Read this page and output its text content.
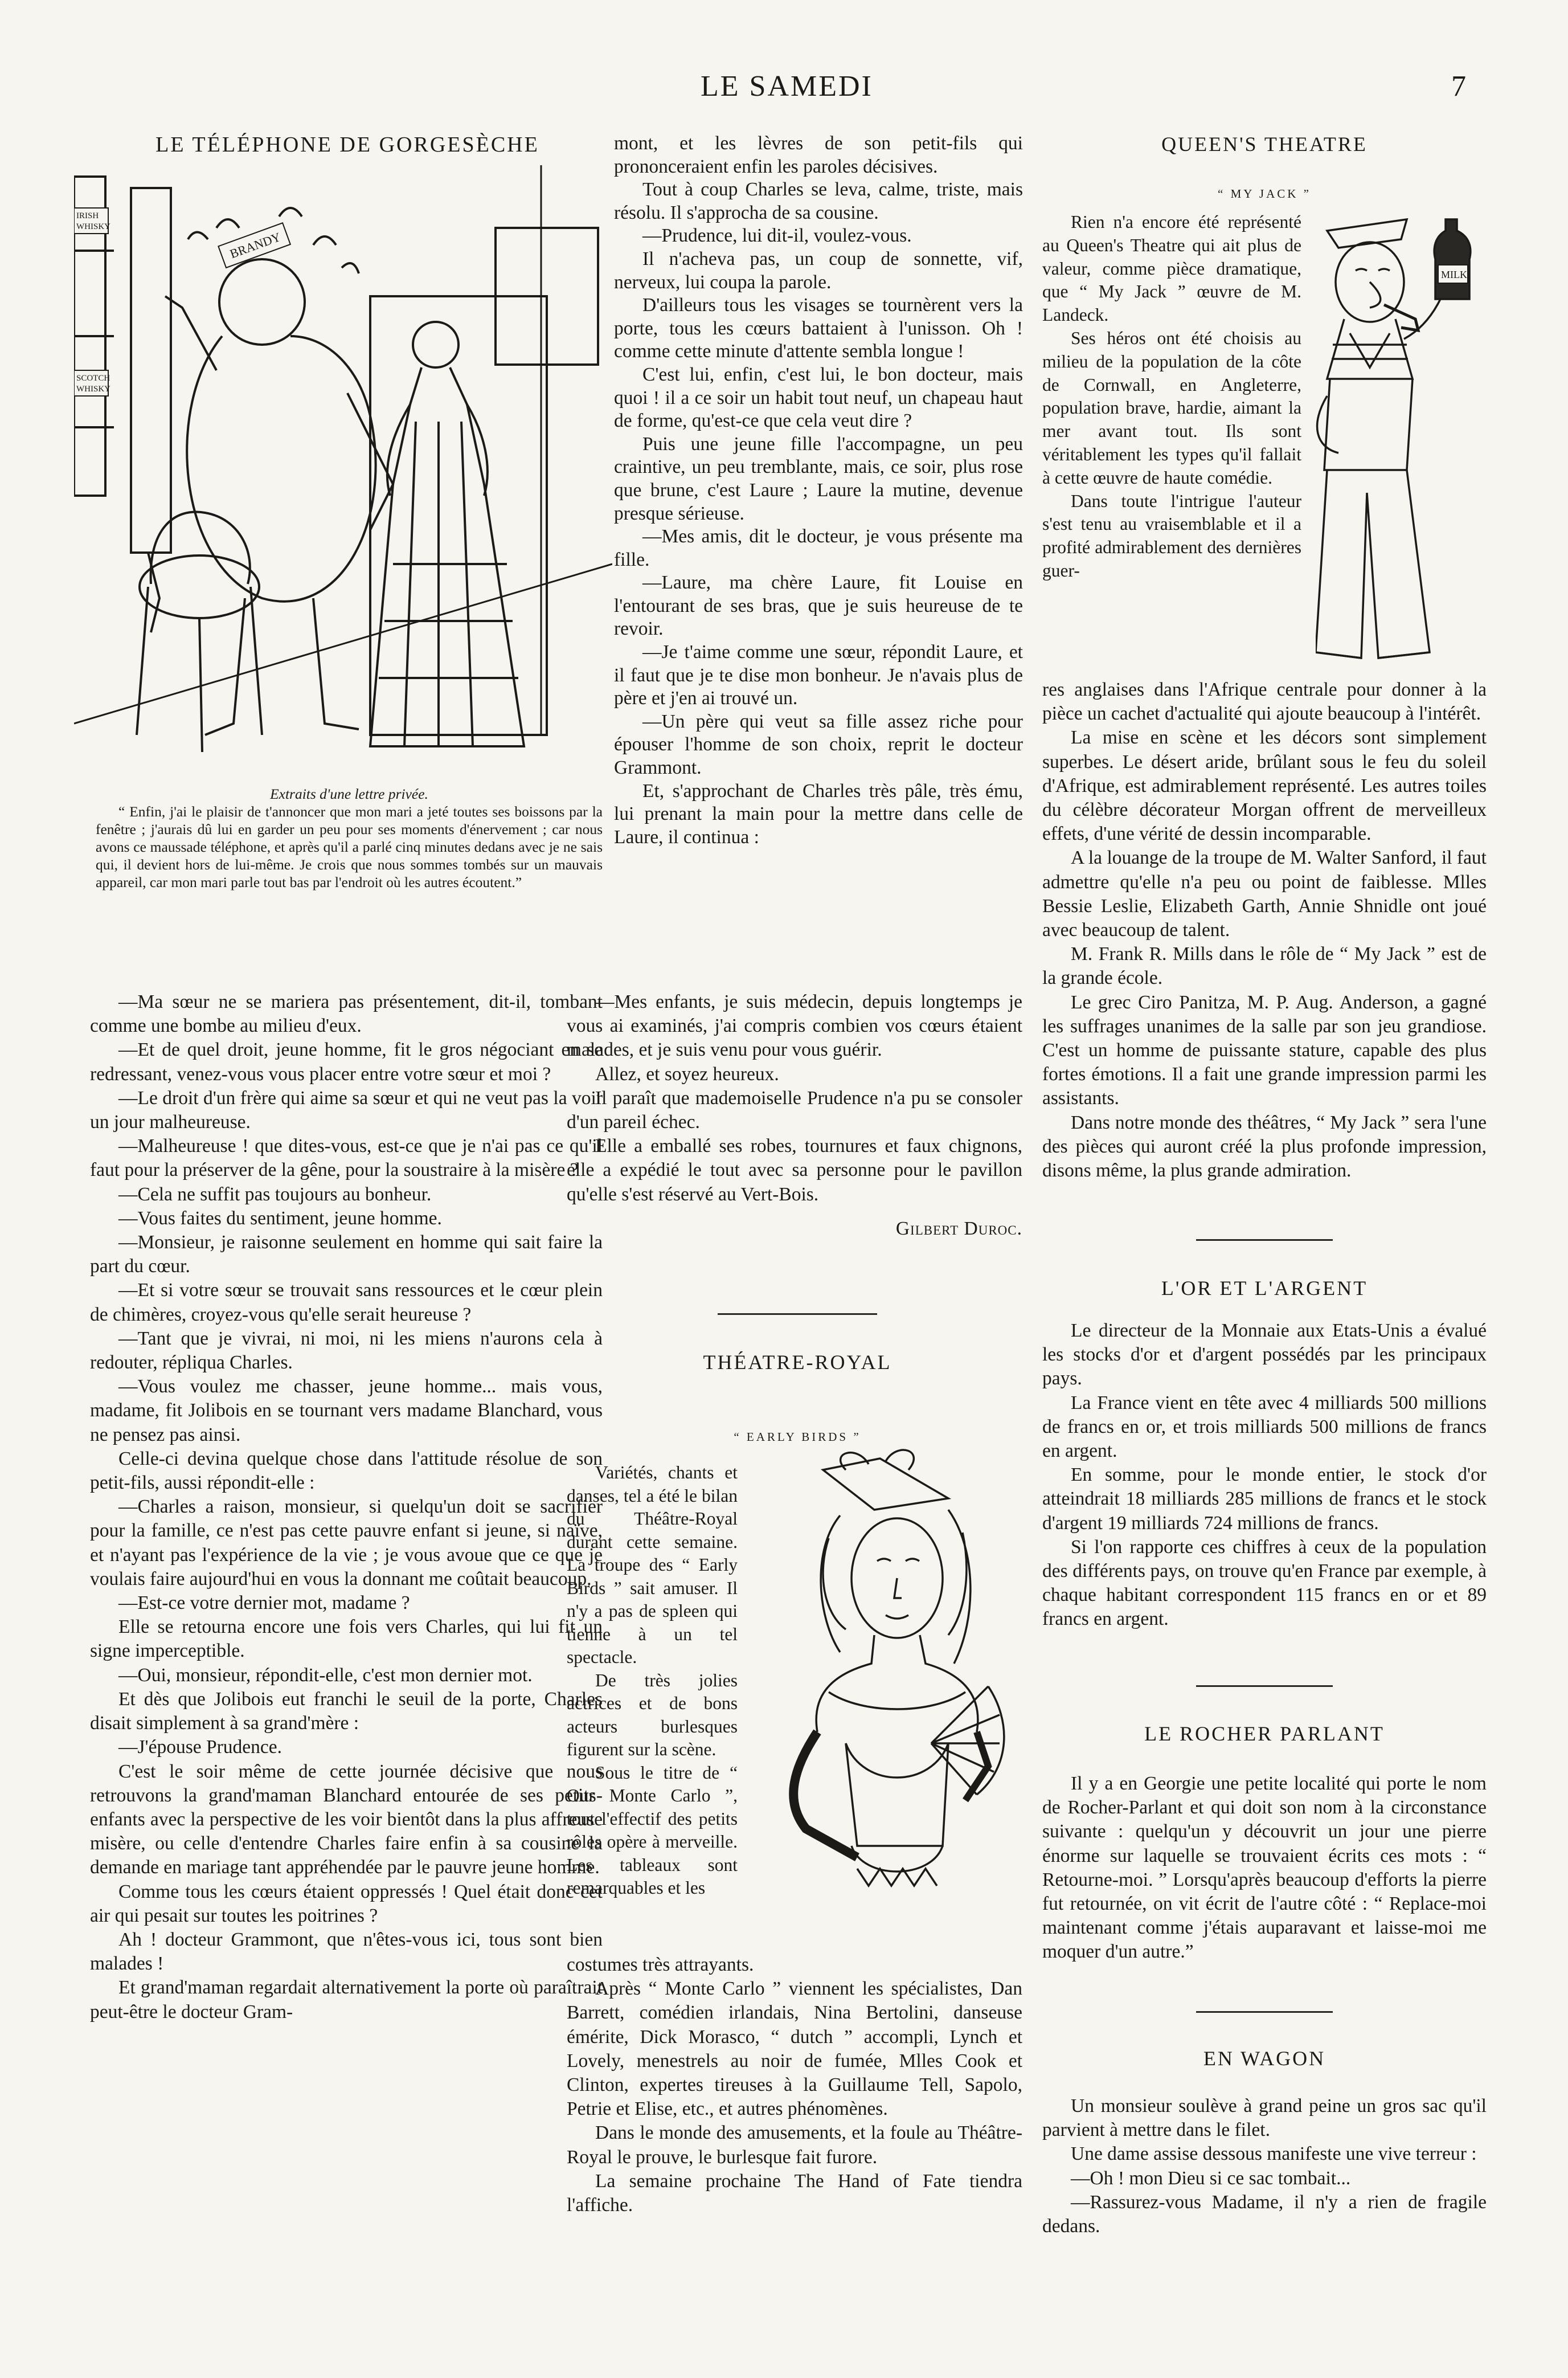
LE SAMEDI	7
LE TÉLÉPHONE DE GORGESÈCHE
IRISH
WHISKY
SCOTCH
WHISKY
BRANDY

Extraits d'une lettre privée.

“ Enfin, j'ai le plaisir de t'annoncer que mon mari a jeté toutes ses boissons par la fenêtre ; j'aurais dû lui en garder un peu pour ses moments d'énervement ; car nous avons ce maussade téléphone, et après qu'il a parlé cinq minutes dedans avec je ne sais qui, il devient hors de lui-même. Je crois que nous sommes tombés sur un mauvais appareil, car mon mari parle tout bas par l'endroit où les autres écoutent.”

—Ma sœur ne se mariera pas présentement, dit-il, tombant comme une bombe au milieu d'eux.

—Et de quel droit, jeune homme, fit le gros négociant en se redressant, venez-vous vous placer entre votre sœur et moi ?

—Le droit d'un frère qui aime sa sœur et qui ne veut pas la voir un jour malheureuse.

—Malheureuse ! que dites-vous, est-ce que je n'ai pas ce qu'il faut pour la préserver de la gêne, pour la soustraire à la misère ?

—Cela ne suffit pas toujours au bonheur.

—Vous faites du sentiment, jeune homme.

—Monsieur, je raisonne seulement en homme qui sait faire la part du cœur.

—Et si votre sœur se trouvait sans ressources et le cœur plein de chimères, croyez-vous qu'elle serait heureuse ?

—Tant que je vivrai, ni moi, ni les miens n'aurons cela à redouter, répliqua Charles.

—Vous voulez me chasser, jeune homme... mais vous, madame, fit Jolibois en se tournant vers madame Blanchard, vous ne pensez pas ainsi.

Celle-ci devina quelque chose dans l'attitude résolue de son petit-fils, aussi répondit-elle :

—Charles a raison, monsieur, si quelqu'un doit se sacrifier pour la famille, ce n'est pas cette pauvre enfant si jeune, si naïve, et n'ayant pas l'expérience de la vie ; je vous avoue que ce que je voulais faire aujourd'hui en vous la donnant me coûtait beaucoup.

—Est-ce votre dernier mot, madame ?

Elle se retourna encore une fois vers Charles, qui lui fit un signe imperceptible.

—Oui, monsieur, répondit-elle, c'est mon dernier mot.

Et dès que Jolibois eut franchi le seuil de la porte, Charles disait simplement à sa grand'mère :

—J'épouse Prudence.

C'est le soir même de cette journée décisive que nous retrouvons la grand'maman Blanchard entourée de ses petits-enfants avec la perspective de les voir bientôt dans la plus affreuse misère, ou celle d'entendre Charles faire enfin à sa cousine la demande en mariage tant appréhendée par le pauvre jeune homme.

Comme tous les cœurs étaient oppressés ! Quel était donc cet air qui pesait sur toutes les poitrines ?

Ah ! docteur Grammont, que n'êtes-vous ici, tous sont bien malades !

Et grand'maman regardait alternativement la porte où paraîtrait peut-être le docteur Gram-

mont, et les lèvres de son petit-fils qui prononceraient enfin les paroles décisives.

Tout à coup Charles se leva, calme, triste, mais résolu. Il s'approcha de sa cousine.

—Prudence, lui dit-il, voulez-vous.

Il n'acheva pas, un coup de sonnette, vif, nerveux, lui coupa la parole.

D'ailleurs tous les visages se tournèrent vers la porte, tous les cœurs battaient à l'unisson. Oh ! comme cette minute d'attente sembla longue !

C'est lui, enfin, c'est lui, le bon docteur, mais quoi ! il a ce soir un habit tout neuf, un chapeau haut de forme, qu'est-ce que cela veut dire ?

Puis une jeune fille l'accompagne, un peu craintive, un peu tremblante, mais, ce soir, plus rose que brune, c'est Laure ; Laure la mutine, devenue presque sérieuse.

—Mes amis, dit le docteur, je vous présente ma fille.

—Laure, ma chère Laure, fit Louise en l'entourant de ses bras, que je suis heureuse de te revoir.

—Je t'aime comme une sœur, répondit Laure, et il faut que je te dise mon bonheur. Je n'avais plus de père et j'en ai trouvé un.

—Un père qui veut sa fille assez riche pour épouser l'homme de son choix, reprit le docteur Grammont.

Et, s'approchant de Charles très pâle, très ému, lui prenant la main pour la mettre dans celle de Laure, il continua :

—Mes enfants, je suis médecin, depuis longtemps je vous ai examinés, j'ai compris combien vos cœurs étaient malades, et je suis venu pour vous guérir.

Allez, et soyez heureux.

Il paraît que mademoiselle Prudence n'a pu se consoler d'un pareil échec.

Elle a emballé ses robes, tournures et faux chignons, elle a expédié le tout avec sa personne pour le pavillon qu'elle s'est réservé au Vert-Bois.

Gilbert Duroc.

THÉATRE-ROYAL
“ EARLY BIRDS ”

Variétés, chants et danses, tel a été le bilan du Théâtre-Royal durant cette semaine. La troupe des “ Early Birds ” sait amuser. Il n'y a pas de spleen qui tienne à un tel spectacle.

De très jolies actrices et de bons acteurs burlesques figurent sur la scène.

Sous le titre de “ Our Monte Carlo ”, tout l'effectif des petits rôles opère à merveille. Les tableaux sont remarquables et les

costumes très attrayants.

Après “ Monte Carlo ” viennent les spécialistes, Dan Barrett, comédien irlandais, Nina Bertolini, danseuse émérite, Dick Morasco, “ dutch ” accompli, Lynch et Lovely, menestrels au noir de fumée, Mlles Cook et Clinton, expertes tireuses à la Guillaume Tell, Sapolo, Petrie et Elise, etc., et autres phénomènes.

Dans le monde des amusements, et la foule au Théâtre-Royal le prouve, le burlesque fait furore.

La semaine prochaine The Hand of Fate tiendra l'affiche.

QUEEN'S THEATRE
“ MY JACK ”

Rien n'a encore été représenté au Queen's Theatre qui ait plus de valeur, comme pièce dramatique, que “ My Jack ” œuvre de M. Landeck.

Ses héros ont été choisis au milieu de la population de la côte de Cornwall, en Angleterre, population brave, hardie, aimant la mer avant tout. Ils sont véritablement les types qu'il fallait à cette œuvre de haute comédie.

Dans toute l'intrigue l'auteur s'est tenu au vraisemblable et il a profité admirablement des dernières guer-

MILK

res anglaises dans l'Afrique centrale pour donner à la pièce un cachet d'actualité qui ajoute beaucoup à l'intérêt.

La mise en scène et les décors sont simplement superbes. Le désert aride, brûlant sous le feu du soleil d'Afrique, est admirablement représenté. Les autres toiles du célèbre décorateur Morgan offrent de merveilleux effets, d'une vérité de dessin incomparable.

A la louange de la troupe de M. Walter Sanford, il faut admettre qu'elle n'a peu ou point de faiblesse. Mlles Bessie Leslie, Elizabeth Garth, Annie Shnidle ont joué avec beaucoup de talent.

M. Frank R. Mills dans le rôle de “ My Jack ” est de la grande école.

Le grec Ciro Panitza, M. P. Aug. Anderson, a gagné les suffrages unanimes de la salle par son jeu grandiose. C'est un homme de puissante stature, capable des plus fortes émotions. Il a fait une grande impression parmi les assistants.

Dans notre monde des théâtres, “ My Jack ” sera l'une des pièces qui auront créé la plus profonde impression, disons même, la plus grande admiration.

L'OR ET L'ARGENT

Le directeur de la Monnaie aux Etats-Unis a évalué les stocks d'or et d'argent possédés par les principaux pays.

La France vient en tête avec 4 milliards 500 millions de francs en or, et trois milliards 500 millions de francs en argent.

En somme, pour le monde entier, le stock d'or atteindrait 18 milliards 285 millions de francs et le stock d'argent 19 milliards 724 millions de francs.

Si l'on rapporte ces chiffres à ceux de la population des différents pays, on trouve qu'en France par exemple, à chaque habitant correspondent 115 francs en or et 89 francs en argent.

LE ROCHER PARLANT

Il y a en Georgie une petite localité qui porte le nom de Rocher-Parlant et qui doit son nom à la circonstance suivante : quelqu'un y découvrit un jour une pierre énorme sur laquelle se trouvaient écrits ces mots : “ Retourne-moi. ” Lorsqu'après beaucoup d'efforts la pierre fut retournée, on vit écrit de l'autre côté : “ Replace-moi maintenant comme j'étais auparavant et laisse-moi me moquer d'un autre.”

EN WAGON

Un monsieur soulève à grand peine un gros sac qu'il parvient à mettre dans le filet.

Une dame assise dessous manifeste une vive terreur :

—Oh ! mon Dieu si ce sac tombait...

—Rassurez-vous Madame, il n'y a rien de fragile dedans.
